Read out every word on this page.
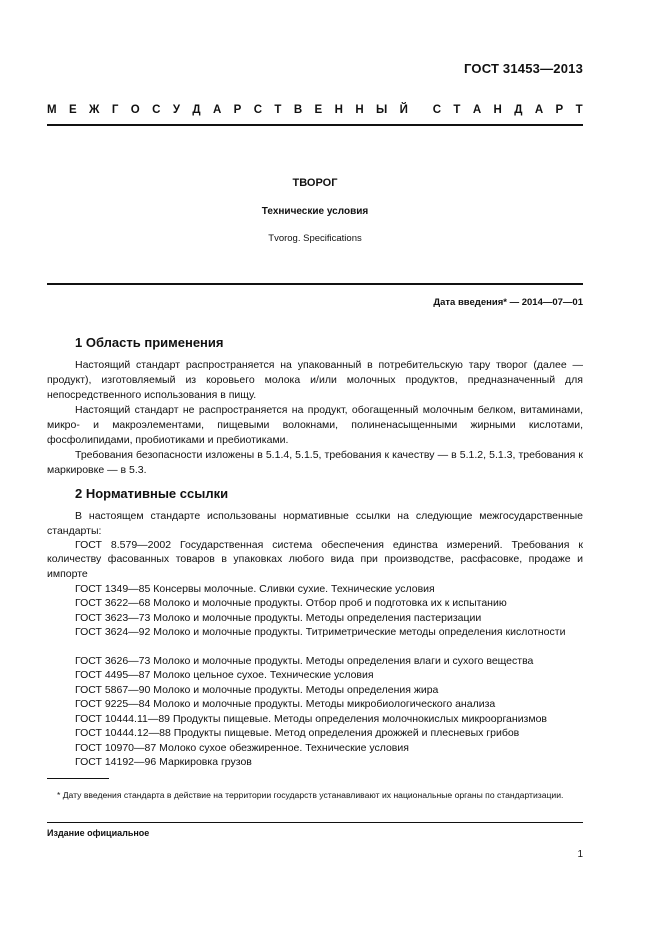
ГОСТ 31453—2013
М Е Ж Г О С У Д А Р С Т В Е Н Н Ы Й С Т А Н Д А Р Т
ТВОРОГ
Технические условия
Tvorog. Specifications
Дата введения* — 2014—07—01
1 Область применения
Настоящий стандарт распространяется на упакованный в потребительскую тару творог (далее — продукт), изготовляемый из коровьего молока и/или молочных продуктов, предназначенный для непосредственного использования в пищу.
Настоящий стандарт не распространяется на продукт, обогащенный молочным белком, витаминами, микро- и макроэлементами, пищевыми волокнами, полиненасыщенными жирными кислотами, фосфолипидами, пробиотиками и пребиотиками.
Требования безопасности изложены в 5.1.4, 5.1.5, требования к качеству — в 5.1.2, 5.1.3, требования к маркировке — в 5.3.
2 Нормативные ссылки
В настоящем стандарте использованы нормативные ссылки на следующие межгосударственные стандарты:
ГОСТ 8.579—2002 Государственная система обеспечения единства измерений. Требования к количеству фасованных товаров в упаковках любого вида при производстве, расфасовке, продаже и импорте
ГОСТ 1349—85 Консервы молочные. Сливки сухие. Технические условия
ГОСТ 3622—68 Молоко и молочные продукты. Отбор проб и подготовка их к испытанию
ГОСТ 3623—73 Молоко и молочные продукты. Методы определения пастеризации
ГОСТ 3624—92 Молоко и молочные продукты. Титриметрические методы определения кислотности
ГОСТ 3626—73 Молоко и молочные продукты. Методы определения влаги и сухого вещества
ГОСТ 4495—87 Молоко цельное сухое. Технические условия
ГОСТ 5867—90 Молоко и молочные продукты. Методы определения жира
ГОСТ 9225—84 Молоко и молочные продукты. Методы микробиологического анализа
ГОСТ 10444.11—89 Продукты пищевые. Методы определения молочнокислых микроорганизмов
ГОСТ 10444.12—88 Продукты пищевые. Метод определения дрожжей и плесневых грибов
ГОСТ 10970—87 Молоко сухое обезжиренное. Технические условия
ГОСТ 14192—96 Маркировка грузов
* Дату введения стандарта в действие на территории государств устанавливают их национальные органы по стандартизации.
Издание официальное
1
